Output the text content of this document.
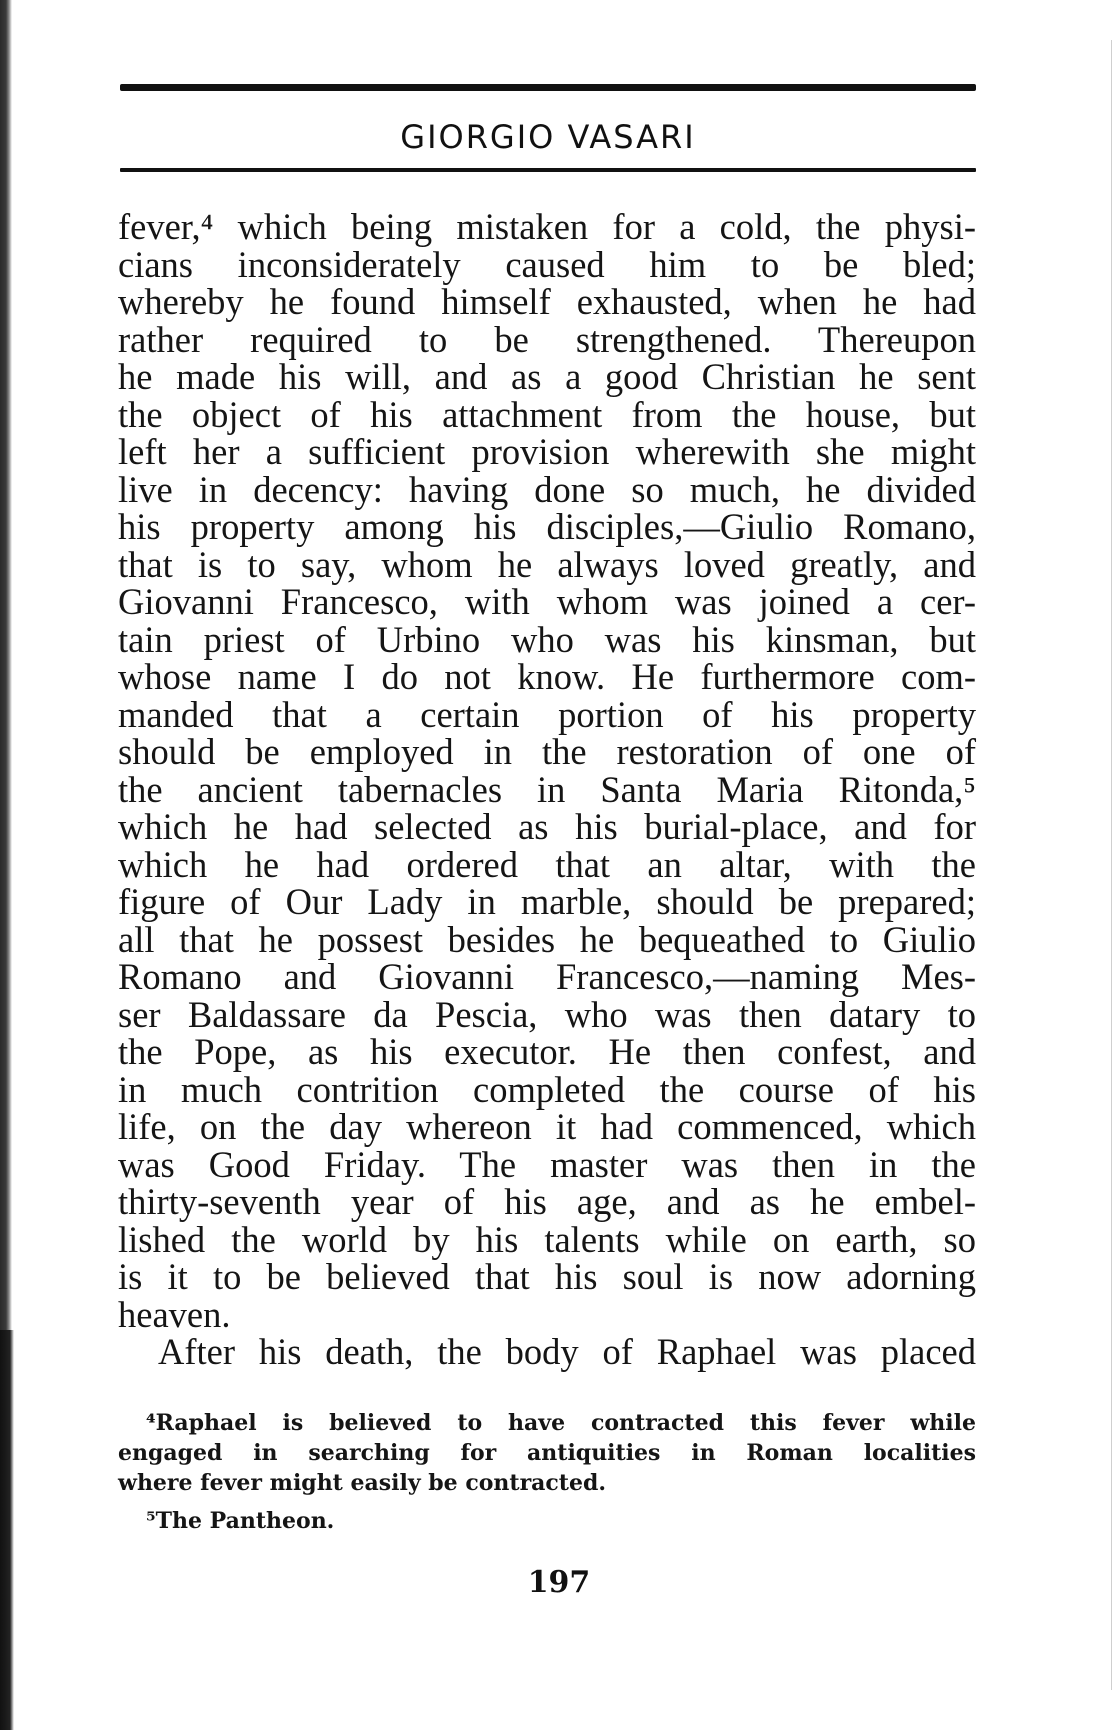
GIORGIO VASARI
fever,⁴ which being mistaken for a cold, the physi-
cians inconsiderately caused him to be bled;
whereby he found himself exhausted, when he had
rather required to be strengthened. Thereupon
he made his will, and as a good Christian he sent
the object of his attachment from the house, but
left her a sufficient provision wherewith she might
live in decency: having done so much, he divided
his property among his disciples,—Giulio Romano,
that is to say, whom he always loved greatly, and
Giovanni Francesco, with whom was joined a cer-
tain priest of Urbino who was his kinsman, but
whose name I do not know. He furthermore com-
manded that a certain portion of his property
should be employed in the restoration of one of
the ancient tabernacles in Santa Maria Ritonda,⁵
which he had selected as his burial-place, and for
which he had ordered that an altar, with the
figure of Our Lady in marble, should be prepared;
all that he possest besides he bequeathed to Giulio
Romano and Giovanni Francesco,—naming Mes-
ser Baldassare da Pescia, who was then datary to
the Pope, as his executor. He then confest, and
in much contrition completed the course of his
life, on the day whereon it had commenced, which
was Good Friday. The master was then in the
thirty-seventh year of his age, and as he embel-
lished the world by his talents while on earth, so
is it to be believed that his soul is now adorning
heaven.
After his death, the body of Raphael was placed
⁴Raphael is believed to have contracted this fever while
engaged in searching for antiquities in Roman localities
where fever might easily be contracted.
⁵The Pantheon.
197
